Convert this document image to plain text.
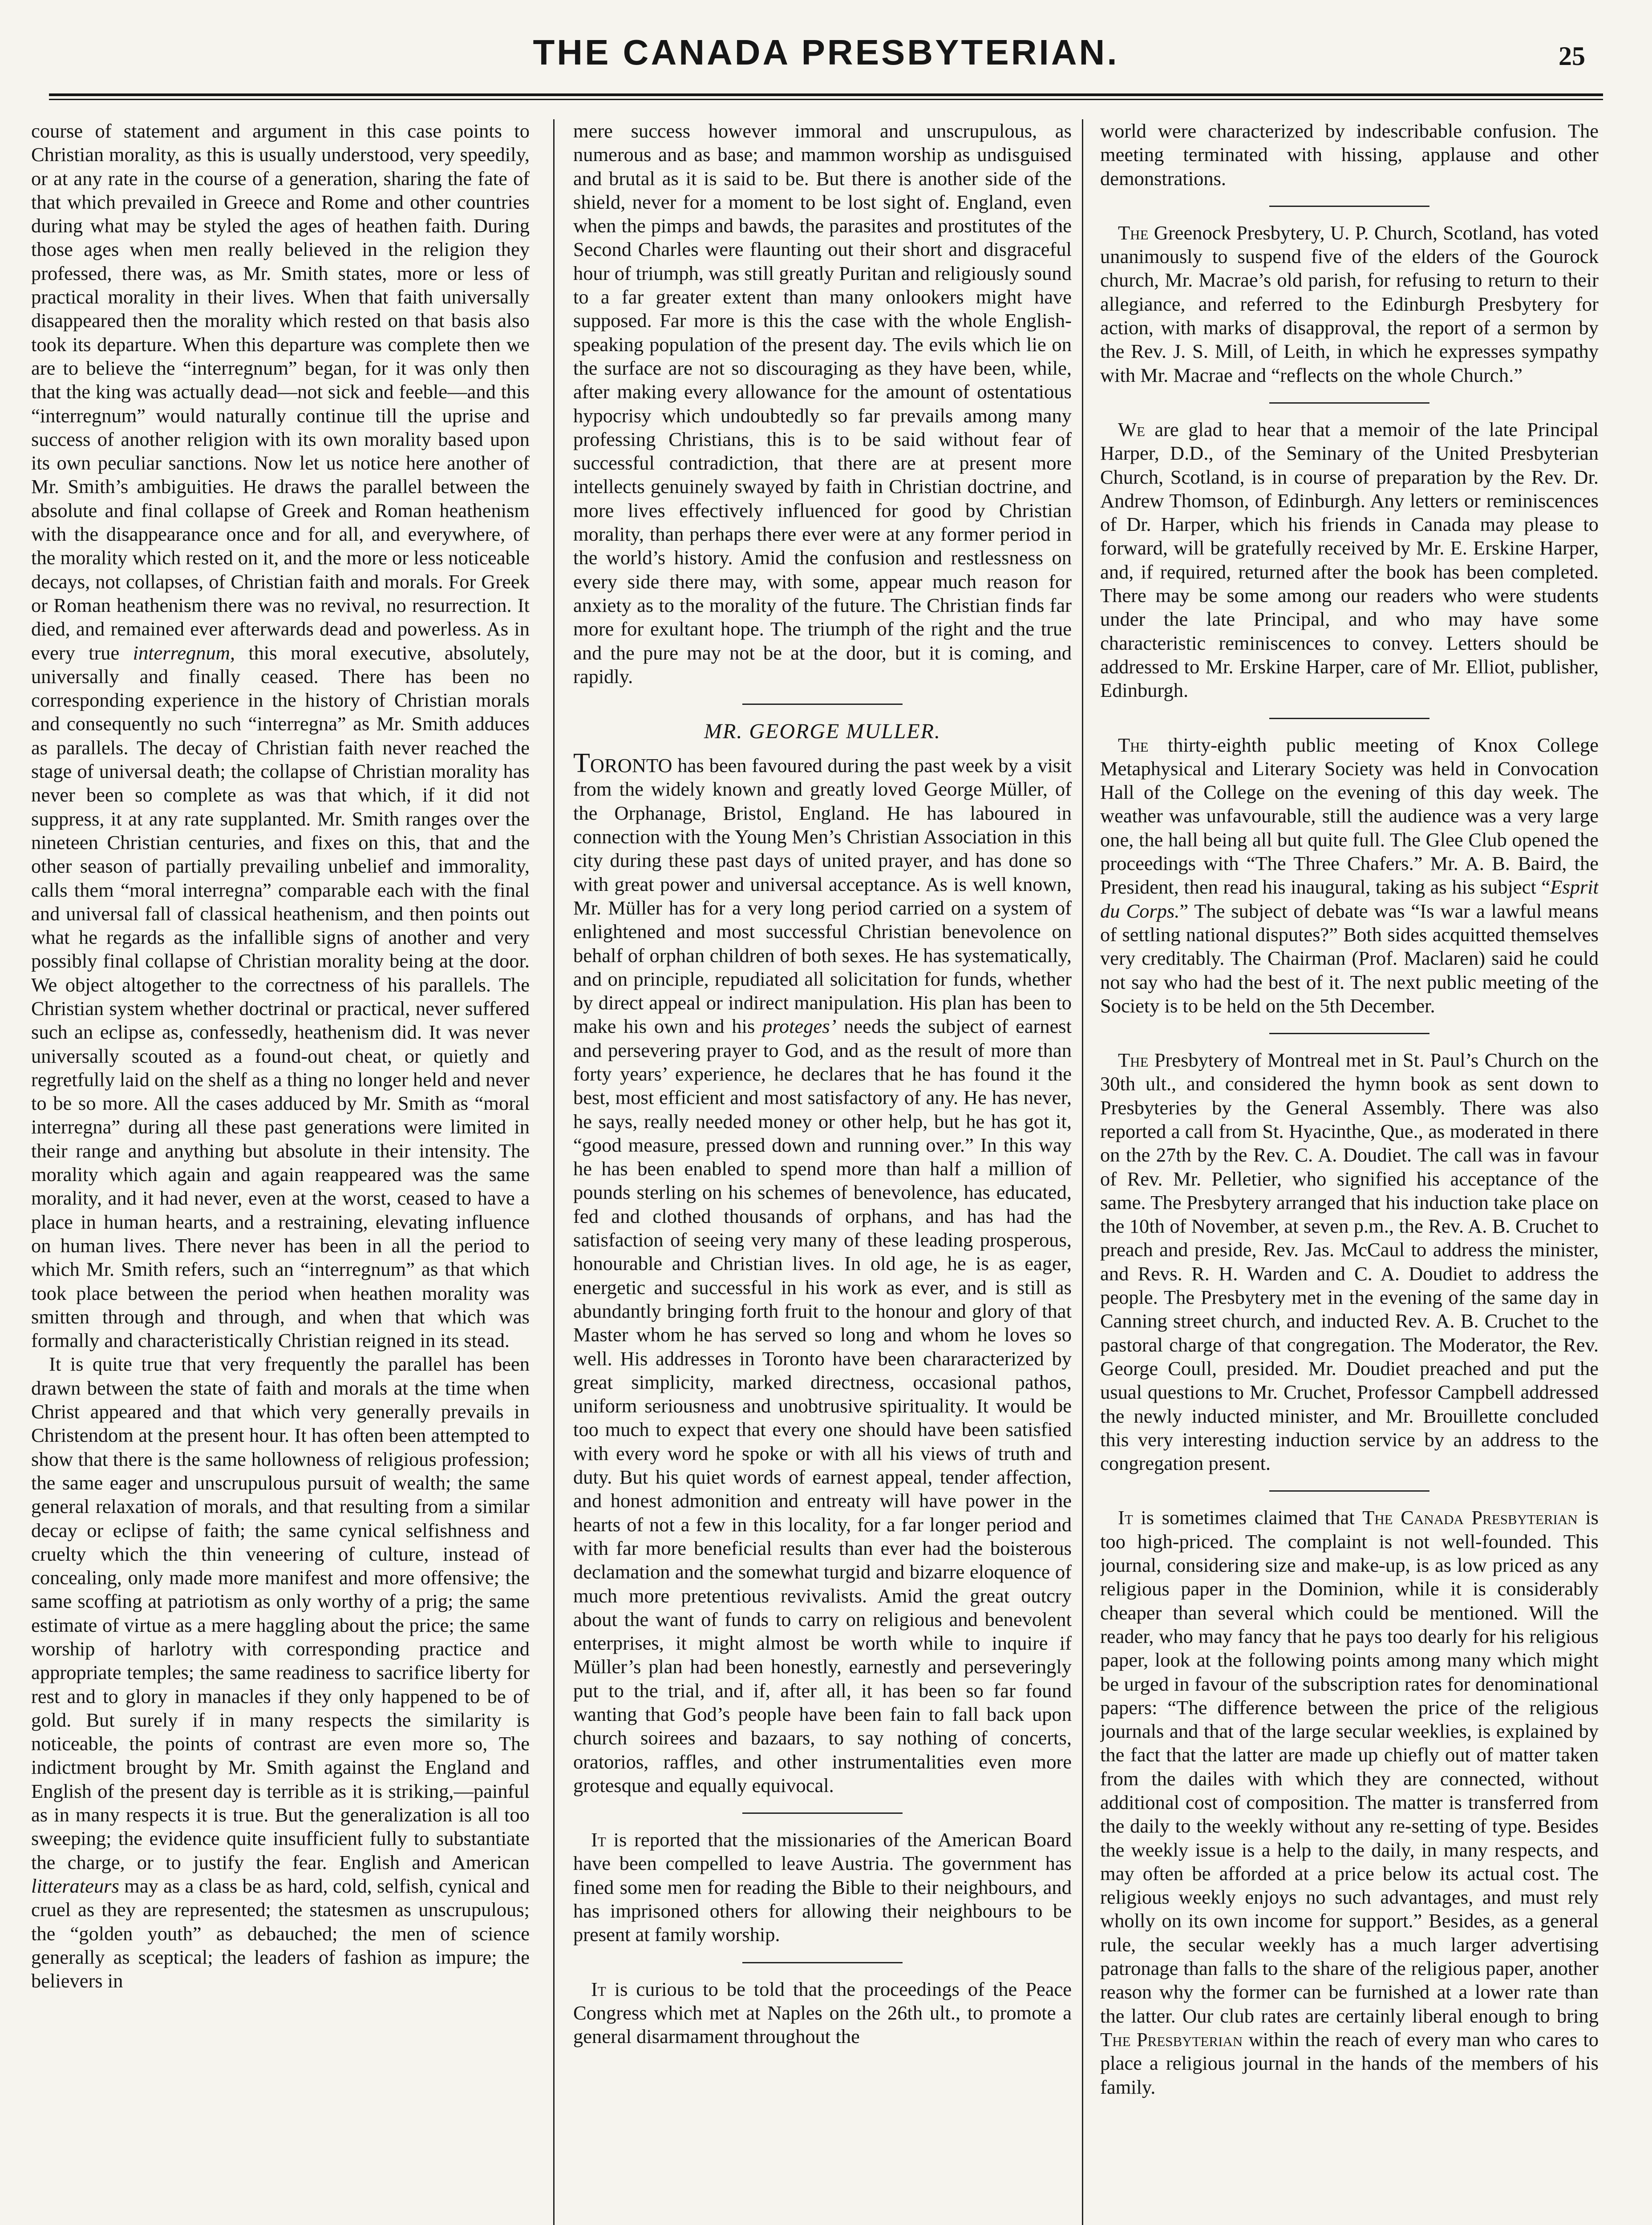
THE CANADA PRESBYTERIAN.	25

course of statement and argument in this case points to Christian morality, as this is usually understood, very speedily, or at any rate in the course of a generation, sharing the fate of that which prevailed in Greece and Rome and other countries during what may be styled the ages of heathen faith. During those ages when men really believed in the religion they professed, there was, as Mr. Smith states, more or less of practical morality in their lives. When that faith universally disappeared then the morality which rested on that basis also took its departure. When this departure was complete then we are to believe the “interregnum” began, for it was only then that the king was actually dead—not sick and feeble—and this “interregnum” would naturally continue till the uprise and success of another religion with its own morality based upon its own peculiar sanctions. Now let us notice here another of Mr. Smith’s ambiguities. He draws the parallel between the absolute and final collapse of Greek and Roman heathenism with the disappearance once and for all, and everywhere, of the morality which rested on it, and the more or less noticeable decays, not collapses, of Christian faith and morals. For Greek or Roman heathenism there was no revival, no resurrection. It died, and remained ever afterwards dead and powerless. As in every true interregnum, this moral executive, absolutely, universally and finally ceased. There has been no corresponding experience in the history of Christian morals and consequently no such “interregna” as Mr. Smith adduces as parallels. The decay of Christian faith never reached the stage of universal death; the collapse of Christian morality has never been so complete as was that which, if it did not suppress, it at any rate supplanted. Mr. Smith ranges over the nineteen Christian centuries, and fixes on this, that and the other season of partially prevailing unbelief and immorality, calls them “moral interregna” comparable each with the final and universal fall of classical heathenism, and then points out what he regards as the infallible signs of another and very possibly final collapse of Christian morality being at the door. We object altogether to the correctness of his parallels. The Christian system whether doctrinal or practical, never suffered such an eclipse as, confessedly, heathenism did. It was never universally scouted as a found-out cheat, or quietly and regretfully laid on the shelf as a thing no longer held and never to be so more. All the cases adduced by Mr. Smith as “moral interregna” during all these past generations were limited in their range and anything but absolute in their intensity. The morality which again and again reappeared was the same morality, and it had never, even at the worst, ceased to have a place in human hearts, and a restraining, elevating influence on human lives. There never has been in all the period to which Mr. Smith refers, such an “interregnum” as that which took place between the period when heathen morality was smitten through and through, and when that which was formally and characteristically Christian reigned in its stead.

It is quite true that very frequently the parallel has been drawn between the state of faith and morals at the time when Christ appeared and that which very generally prevails in Christendom at the present hour. It has often been attempted to show that there is the same hollowness of religious profession; the same eager and unscrupulous pursuit of wealth; the same general relaxation of morals, and that resulting from a similar decay or eclipse of faith; the same cynical selfishness and cruelty which the thin veneering of culture, instead of concealing, only made more manifest and more offensive; the same scoffing at patriotism as only worthy of a prig; the same estimate of virtue as a mere haggling about the price; the same worship of harlotry with corresponding practice and appropriate temples; the same readiness to sacrifice liberty for rest and to glory in manacles if they only happened to be of gold. But surely if in many respects the similarity is noticeable, the points of contrast are even more so, The indictment brought by Mr. Smith against the England and English of the present day is terrible as it is striking,—painful as in many respects it is true. But the generalization is all too sweeping; the evidence quite insufficient fully to substantiate the charge, or to justify the fear. English and American litterateurs may as a class be as hard, cold, selfish, cynical and cruel as they are represented; the statesmen as unscrupulous; the “golden youth” as debauched; the men of science generally as sceptical; the leaders of fashion as impure; the believers in

mere success however immoral and unscrupulous, as numerous and as base; and mammon worship as undisguised and brutal as it is said to be. But there is another side of the shield, never for a moment to be lost sight of. England, even when the pimps and bawds, the parasites and prostitutes of the Second Charles were flaunting out their short and disgraceful hour of triumph, was still greatly Puritan and religiously sound to a far greater extent than many onlookers might have supposed. Far more is this the case with the whole English-speaking population of the present day. The evils which lie on the surface are not so discouraging as they have been, while, after making every allowance for the amount of ostentatious hypocrisy which undoubtedly so far prevails among many professing Christians, this is to be said without fear of successful contradiction, that there are at present more intellects genuinely swayed by faith in Christian doctrine, and more lives effectively influenced for good by Christian morality, than perhaps there ever were at any former period in the world’s history. Amid the confusion and restlessness on every side there may, with some, appear much reason for anxiety as to the morality of the future. The Christian finds far more for exultant hope. The triumph of the right and the true and the pure may not be at the door, but it is coming, and rapidly.

MR. GEORGE MULLER.

TORONTO has been favoured during the past week by a visit from the widely known and greatly loved George Müller, of the Orphanage, Bristol, England. He has laboured in connection with the Young Men’s Christian Association in this city during these past days of united prayer, and has done so with great power and universal acceptance. As is well known, Mr. Müller has for a very long period carried on a system of enlightened and most successful Christian benevolence on behalf of orphan children of both sexes. He has systematically, and on principle, repudiated all solicitation for funds, whether by direct appeal or indirect manipulation. His plan has been to make his own and his proteges’ needs the subject of earnest and persevering prayer to God, and as the result of more than forty years’ experience, he declares that he has found it the best, most efficient and most satisfactory of any. He has never, he says, really needed money or other help, but he has got it, “good measure, pressed down and running over.” In this way he has been enabled to spend more than half a million of pounds sterling on his schemes of benevolence, has educated, fed and clothed thousands of orphans, and has had the satisfaction of seeing very many of these leading prosperous, honourable and Christian lives. In old age, he is as eager, energetic and successful in his work as ever, and is still as abundantly bringing forth fruit to the honour and glory of that Master whom he has served so long and whom he loves so well. His addresses in Toronto have been chararacterized by great simplicity, marked directness, occasional pathos, uniform seriousness and unobtrusive spirituality. It would be too much to expect that every one should have been satisfied with every word he spoke or with all his views of truth and duty. But his quiet words of earnest appeal, tender affection, and honest admonition and entreaty will have power in the hearts of not a few in this locality, for a far longer period and with far more beneficial results than ever had the boisterous declamation and the somewhat turgid and bizarre eloquence of much more pretentious revivalists. Amid the great outcry about the want of funds to carry on religious and benevolent enterprises, it might almost be worth while to inquire if Müller’s plan had been honestly, earnestly and perseveringly put to the trial, and if, after all, it has been so far found wanting that God’s people have been fain to fall back upon church soirees and bazaars, to say nothing of concerts, oratorios, raffles, and other instrumentalities even more grotesque and equally equivocal.

It is reported that the missionaries of the American Board have been compelled to leave Austria. The government has fined some men for reading the Bible to their neighbours, and has imprisoned others for allowing their neighbours to be present at family worship.

It is curious to be told that the proceedings of the Peace Congress which met at Naples on the 26th ult., to promote a general disarmament throughout the

world were characterized by indescribable confusion. The meeting terminated with hissing, applause and other demonstrations.

The Greenock Presbytery, U. P. Church, Scotland, has voted unanimously to suspend five of the elders of the Gourock church, Mr. Macrae’s old parish, for refusing to return to their allegiance, and referred to the Edinburgh Presbytery for action, with marks of disapproval, the report of a sermon by the Rev. J. S. Mill, of Leith, in which he expresses sympathy with Mr. Macrae and “reflects on the whole Church.”

We are glad to hear that a memoir of the late Principal Harper, D.D., of the Seminary of the United Presbyterian Church, Scotland, is in course of preparation by the Rev. Dr. Andrew Thomson, of Edinburgh. Any letters or reminiscences of Dr. Harper, which his friends in Canada may please to forward, will be gratefully received by Mr. E. Erskine Harper, and, if required, returned after the book has been completed. There may be some among our readers who were students under the late Principal, and who may have some characteristic reminiscences to convey. Letters should be addressed to Mr. Erskine Harper, care of Mr. Elliot, publisher, Edinburgh.

The thirty-eighth public meeting of Knox College Metaphysical and Literary Society was held in Convocation Hall of the College on the evening of this day week. The weather was unfavourable, still the audience was a very large one, the hall being all but quite full. The Glee Club opened the proceedings with “The Three Chafers.” Mr. A. B. Baird, the President, then read his inaugural, taking as his subject “Esprit du Corps.” The subject of debate was “Is war a lawful means of settling national disputes?” Both sides acquitted themselves very creditably. The Chairman (Prof. Maclaren) said he could not say who had the best of it. The next public meeting of the Society is to be held on the 5th December.

The Presbytery of Montreal met in St. Paul’s Church on the 30th ult., and considered the hymn book as sent down to Presbyteries by the General Assembly. There was also reported a call from St. Hyacinthe, Que., as moderated in there on the 27th by the Rev. C. A. Doudiet. The call was in favour of Rev. Mr. Pelletier, who signified his acceptance of the same. The Presbytery arranged that his induction take place on the 10th of November, at seven p.m., the Rev. A. B. Cruchet to preach and preside, Rev. Jas. McCaul to address the minister, and Revs. R. H. Warden and C. A. Doudiet to address the people. The Presbytery met in the evening of the same day in Canning street church, and inducted Rev. A. B. Cruchet to the pastoral charge of that congregation. The Moderator, the Rev. George Coull, presided. Mr. Doudiet preached and put the usual questions to Mr. Cruchet, Professor Campbell addressed the newly inducted minister, and Mr. Brouillette concluded this very interesting induction service by an address to the congregation present.

It is sometimes claimed that The Canada Presbyterian is too high-priced. The complaint is not well-founded. This journal, considering size and make-up, is as low priced as any religious paper in the Dominion, while it is considerably cheaper than several which could be mentioned. Will the reader, who may fancy that he pays too dearly for his religious paper, look at the following points among many which might be urged in favour of the subscription rates for denominational papers: “The difference between the price of the religious journals and that of the large secular weeklies, is explained by the fact that the latter are made up chiefly out of matter taken from the dailes with which they are connected, without additional cost of composition. The matter is transferred from the daily to the weekly without any re-setting of type. Besides the weekly issue is a help to the daily, in many respects, and may often be afforded at a price below its actual cost. The religious weekly enjoys no such advantages, and must rely wholly on its own income for support.” Besides, as a general rule, the secular weekly has a much larger advertising patronage than falls to the share of the religious paper, another reason why the former can be furnished at a lower rate than the latter. Our club rates are certainly liberal enough to bring The Presbyterian within the reach of every man who cares to place a religious journal in the hands of the members of his family.
